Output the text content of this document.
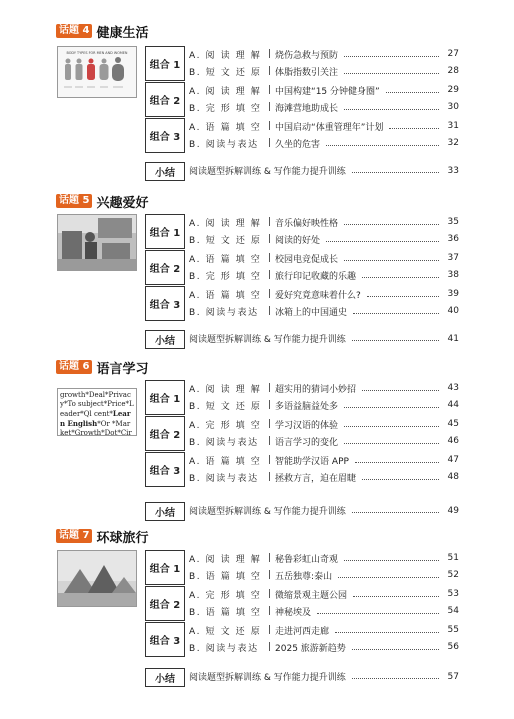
话题 4 健康生活
BODY TYPES FOR MEN AND WOMEN
组合 1
A. 阅 读 理 解 | 烧伤急救与预防	27
B. 短 文 还 原 | 体脂指数引关注	28
组合 2
A. 阅 读 理 解 | 中国构建“15 分钟健身圈”	29
B. 完 形 填 空 | 海滩营地助成长	30
组合 3
A. 语 篇 填 空 | 中国启动“体重管理年”计划	31
B. 阅读与表达	| 久坐的危害	32
小结 阅读题型拆解训练 & 写作能力提升训练	33
话题 5 兴趣爱好
组合 1
A. 阅 读 理 解 | 音乐偏好映性格	35
B. 短 文 还 原 | 阅读的好处	36
组合 2
A. 语 篇 填 空 | 校园电竞促成长	37
B. 完 形 填 空 | 旅行印记收藏的乐趣	38
组合 3
A. 语 篇 填 空 | 爱好究竟意味着什么?	39
B. 阅读与表达	| 冰箱上的中国通史	40
小结 阅读题型拆解训练 & 写作能力提升训练	41
话题 6 语言学习
growth*Deal*Privacy*To subject*Price*Leader*Ql cent*Learn English*Or *Market*Growth*Dot*Cir
组合 1
A. 阅 读 理 解 | 超实用的猜词小妙招	43
B. 短 文 还 原 | 多语益脑益处多	44
组合 2
A. 完 形 填 空 | 学习汉语的体验	45
B. 阅读与表达	| 语言学习的变化	46
组合 3
A. 语 篇 填 空 | 智能助学汉语 APP	47
B. 阅读与表达	| 拯救方言，迫在眉睫	48
小结 阅读题型拆解训练 & 写作能力提升训练	49
话题 7 环球旅行
组合 1
A. 阅 读 理 解 | 秘鲁彩虹山奇观	51
B. 语 篇 填 空 | 五岳独尊:泰山	52
组合 2
A. 完 形 填 空 | 微缩景观主题公园	53
B. 语 篇 填 空 | 神秘埃及	54
组合 3
A. 短 文 还 原 | 走进河西走廊	55
B. 阅读与表达	| 2025 旅游新趋势	56
小结 阅读题型拆解训练 & 写作能力提升训练	57
